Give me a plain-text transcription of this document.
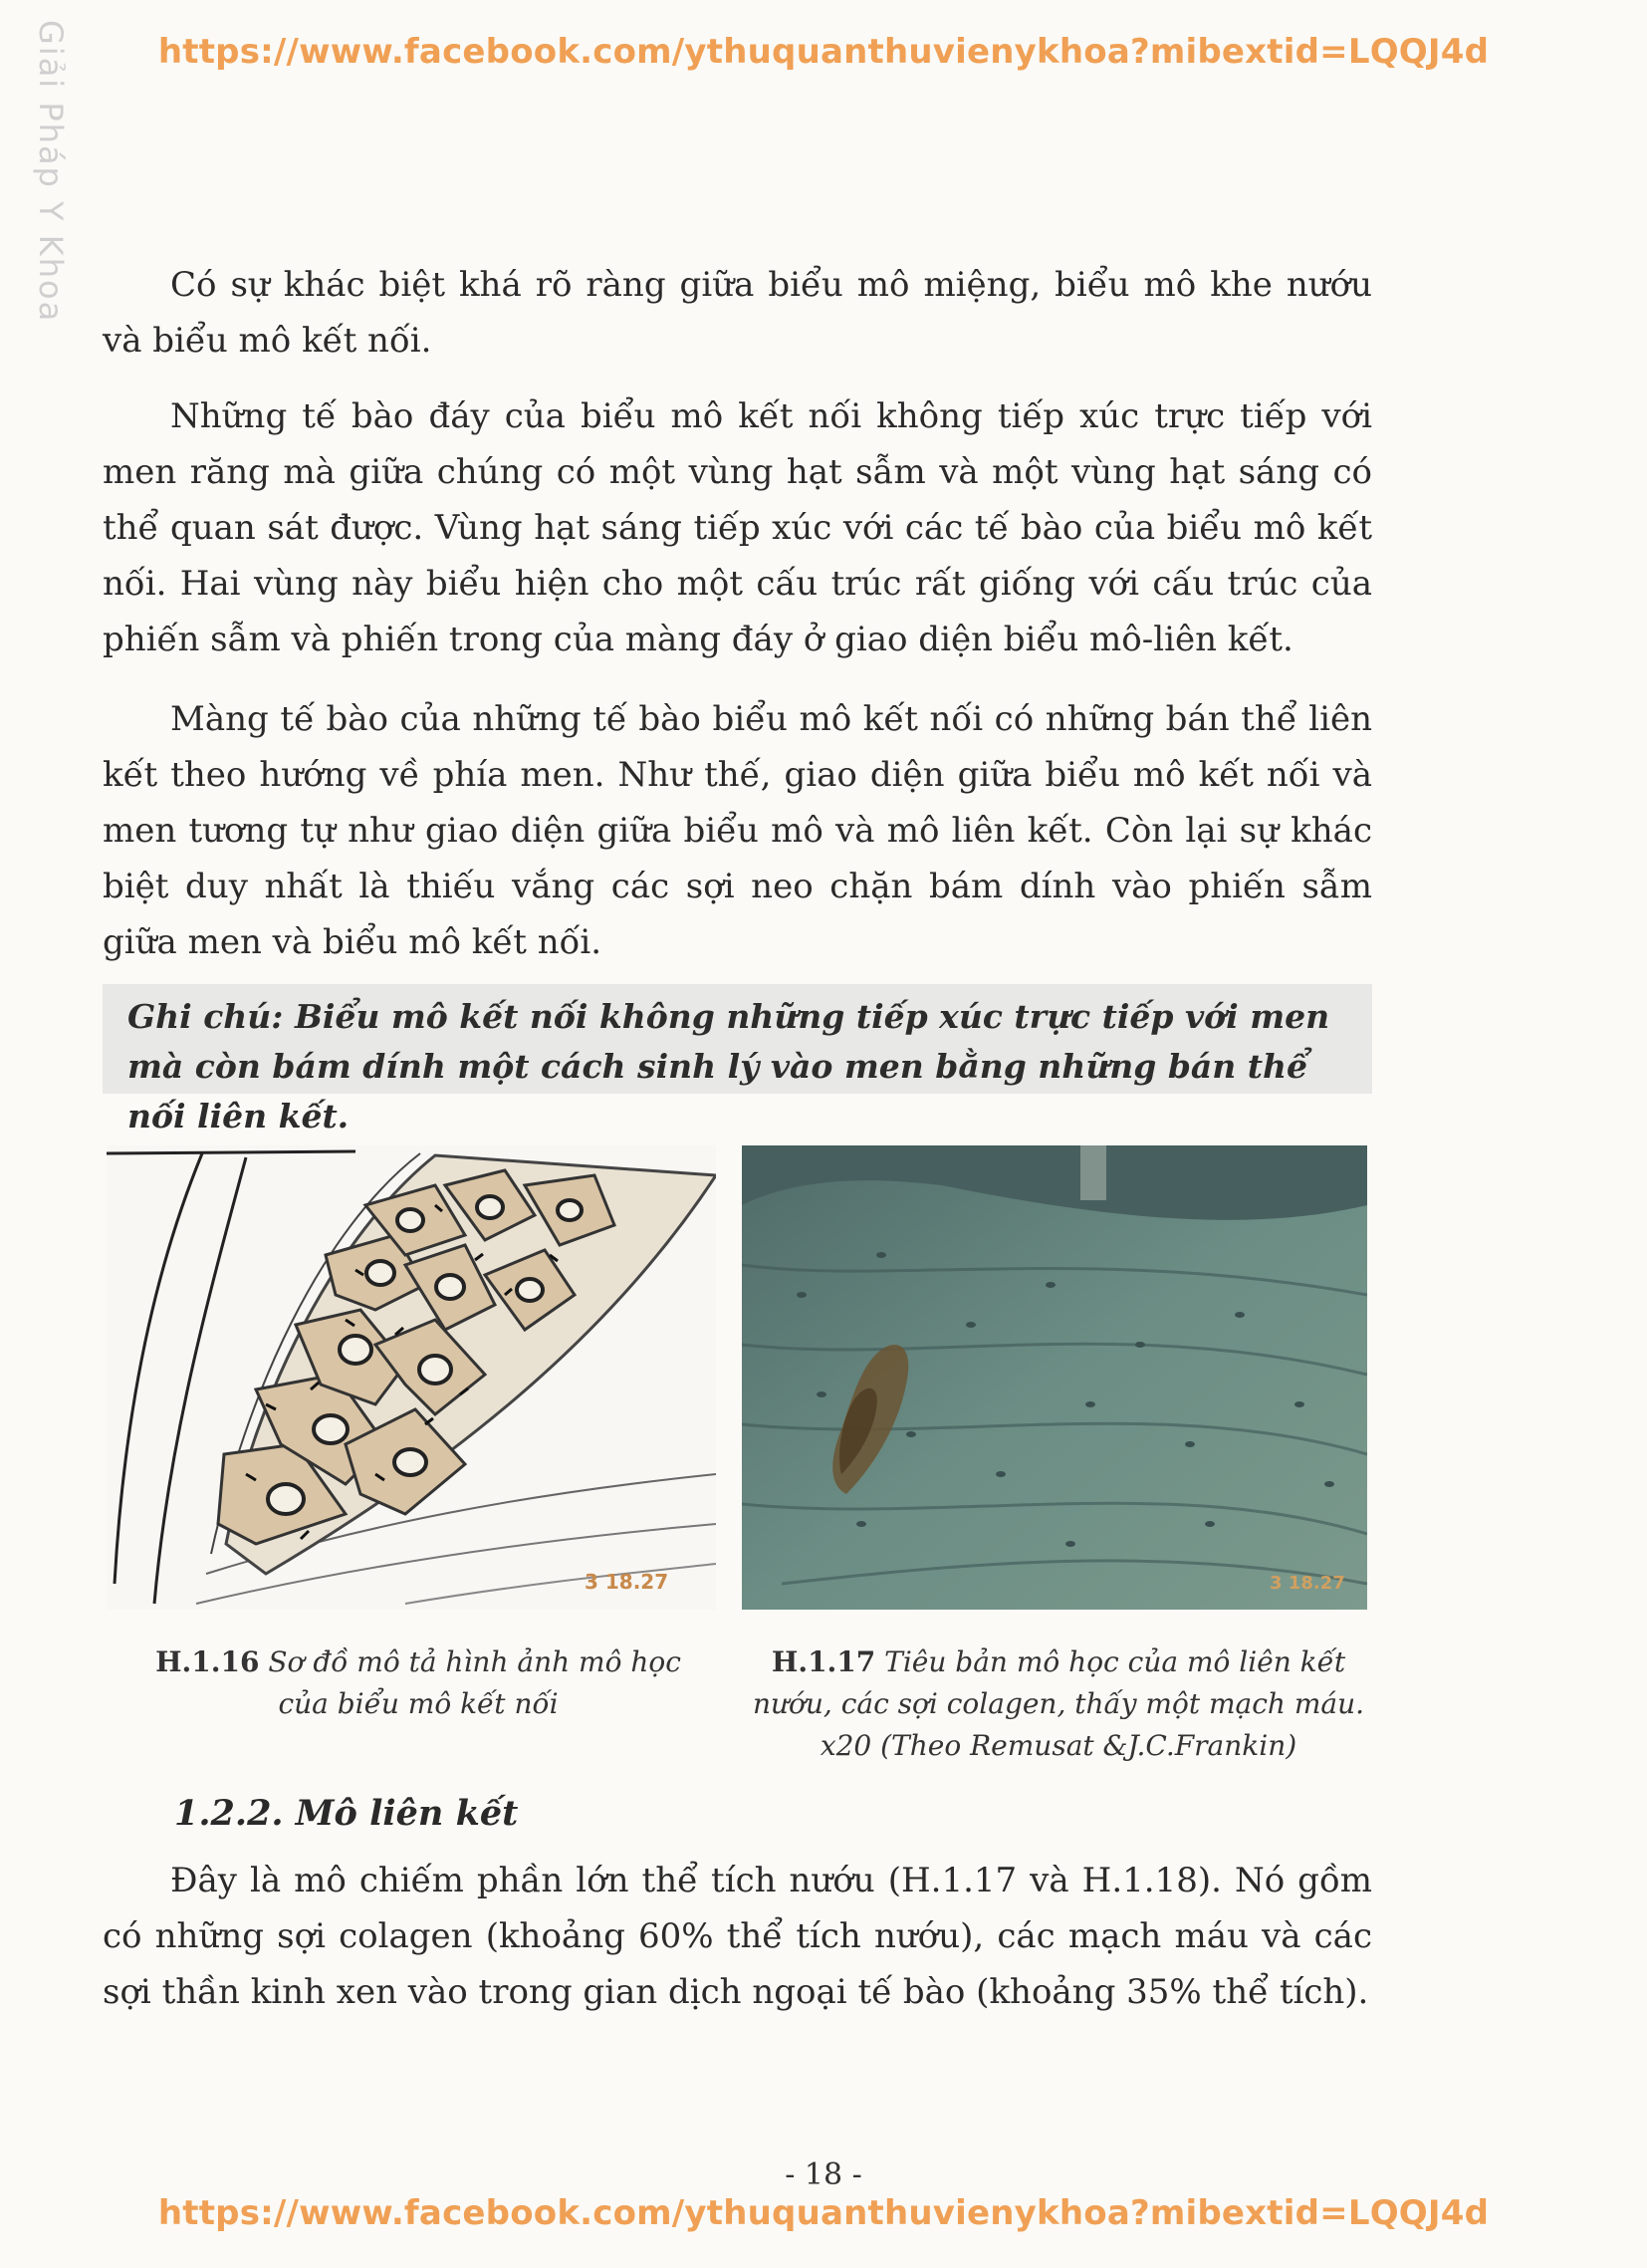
https://www.facebook.com/ythuquanthuvienykhoa?mibextid=LQQJ4d
Giải Pháp Y Khoa	Có sự khác biệt khá rõ ràng giữa biểu mô miệng, biểu mô khe nướu và biểu mô kết nối.

Những tế bào đáy của biểu mô kết nối không tiếp xúc trực tiếp với men răng mà giữa chúng có một vùng hạt sẫm và một vùng hạt sáng có thể quan sát được. Vùng hạt sáng tiếp xúc với các tế bào của biểu mô kết nối. Hai vùng này biểu hiện cho một cấu trúc rất giống với cấu trúc của phiến sẫm và phiến trong của màng đáy ở giao diện biểu mô-liên kết.

Màng tế bào của những tế bào biểu mô kết nối có những bán thể liên kết theo hướng về phía men. Như thế, giao diện giữa biểu mô kết nối và men tương tự như giao diện giữa biểu mô và mô liên kết. Còn lại sự khác biệt duy nhất là thiếu vắng các sợi neo chặn bám dính vào phiến sẫm giữa men và biểu mô kết nối.

Ghi chú: Biểu mô kết nối không những tiếp xúc trực tiếp với men mà còn bám dính một cách sinh lý vào men bằng những bán thể nối liên kết.

3 18.27	3 18.27
H.1.16 Sơ đồ mô tả hình ảnh mô học của biểu mô kết nối
H.1.17 Tiêu bản mô học của mô liên kết nướu, các sợi colagen, thấy một mạch máu. x20 (Theo Remusat &J.C.Frankin)
1.2.2. Mô liên kết

Đây là mô chiếm phần lớn thể tích nướu (H.1.17 và H.1.18). Nó gồm có những sợi colagen (khoảng 60% thể tích nướu), các mạch máu và các sợi thần kinh xen vào trong gian dịch ngoại tế bào (khoảng 35% thể tích).

- 18 -
https://www.facebook.com/ythuquanthuvienykhoa?mibextid=LQQJ4d
